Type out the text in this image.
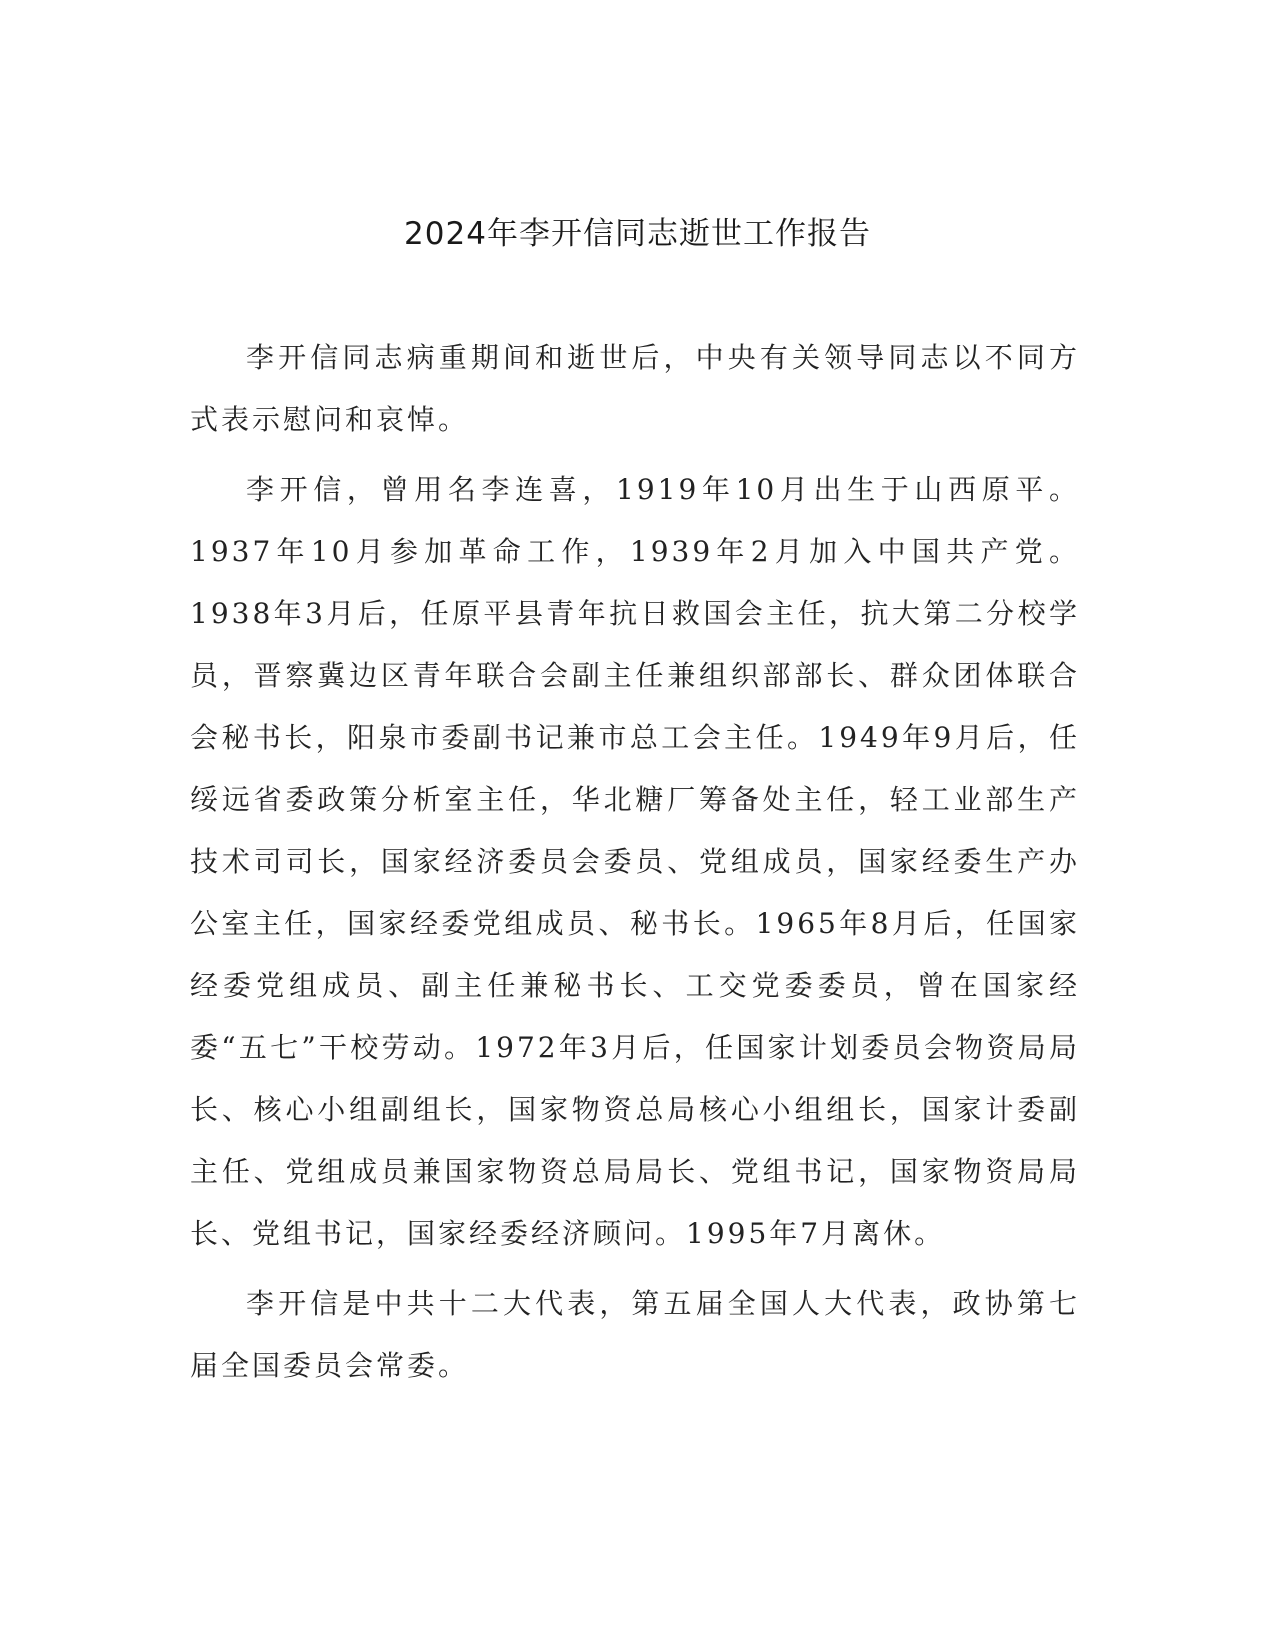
2024年李开信同志逝世工作报告

李开信同志病重期间和逝世后，中央有关领导同志以不同方式表示慰问和哀悼。

李开信，曾用名李连喜，1919年10月出生于山西原平。1937年10月参加革命工作，1939年2月加入中国共产党。1938年3月后，任原平县青年抗日救国会主任，抗大第二分校学员，晋察冀边区青年联合会副主任兼组织部部长、群众团体联合会秘书长，阳泉市委副书记兼市总工会主任。1949年9月后，任绥远省委政策分析室主任，华北糖厂筹备处主任，轻工业部生产技术司司长，国家经济委员会委员、党组成员，国家经委生产办公室主任，国家经委党组成员、秘书长。1965年8月后，任国家经委党组成员、副主任兼秘书长、工交党委委员，曾在国家经委“五七”干校劳动。1972年3月后，任国家计划委员会物资局局长、核心小组副组长，国家物资总局核心小组组长，国家计委副主任、党组成员兼国家物资总局局长、党组书记，国家物资局局长、党组书记，国家经委经济顾问。1995年7月离休。

李开信是中共十二大代表，第五届全国人大代表，政协第七届全国委员会常委。
